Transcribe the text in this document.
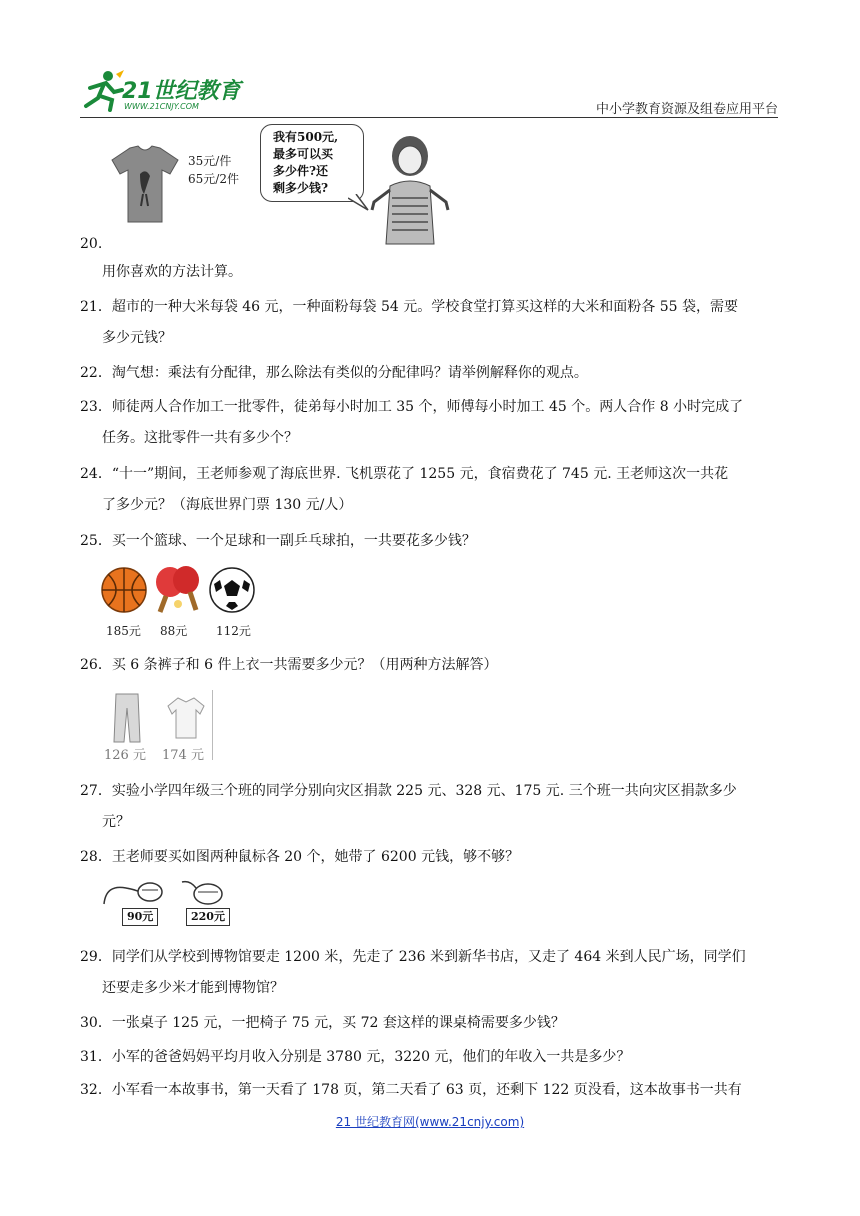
21世纪教育
WWW.21CNJY.COM	中小学教育资源及组卷应用平台
35元/件
65元/2件
我有500元,
最多可以买
多少件?还
剩多少钱?
20.
用你喜欢的方法计算。
21．超市的一种大米每袋 46 元，一种面粉每袋 54 元。学校食堂打算买这样的大米和面粉各 55 袋，需要
多少元钱？
22．淘气想：乘法有分配律，那么除法有类似的分配律吗？请举例解释你的观点。
23．师徒两人合作加工一批零件，徒弟每小时加工 35 个，师傅每小时加工 45 个。两人合作 8 小时完成了
任务。这批零件一共有多少个？
24．“十一”期间，王老师参观了海底世界. 飞机票花了 1255 元，食宿费花了 745 元. 王老师这次一共花
了多少元？（海底世界门票 130 元/人）
25．买一个篮球、一个足球和一副乒乓球拍，一共要花多少钱？
185元 88元 112元
26．买 6 条裤子和 6 件上衣一共需要多少元？（用两种方法解答）
126 元 174 元
27．实验小学四年级三个班的同学分别向灾区捐款 225 元、328 元、175 元. 三个班一共向灾区捐款多少
元？
28．王老师要买如图两种鼠标各 20 个，她带了 6200 元钱，够不够？
90元	220元
29．同学们从学校到博物馆要走 1200 米，先走了 236 米到新华书店，又走了 464 米到人民广场，同学们
还要走多少米才能到博物馆？
30．一张桌子 125 元，一把椅子 75 元，买 72 套这样的课桌椅需要多少钱？
31．小军的爸爸妈妈平均月收入分别是 3780 元，3220 元，他们的年收入一共是多少？
32．小军看一本故事书，第一天看了 178 页，第二天看了 63 页，还剩下 122 页没看，这本故事书一共有
21 世纪教育网(www.21cnjy.com)
